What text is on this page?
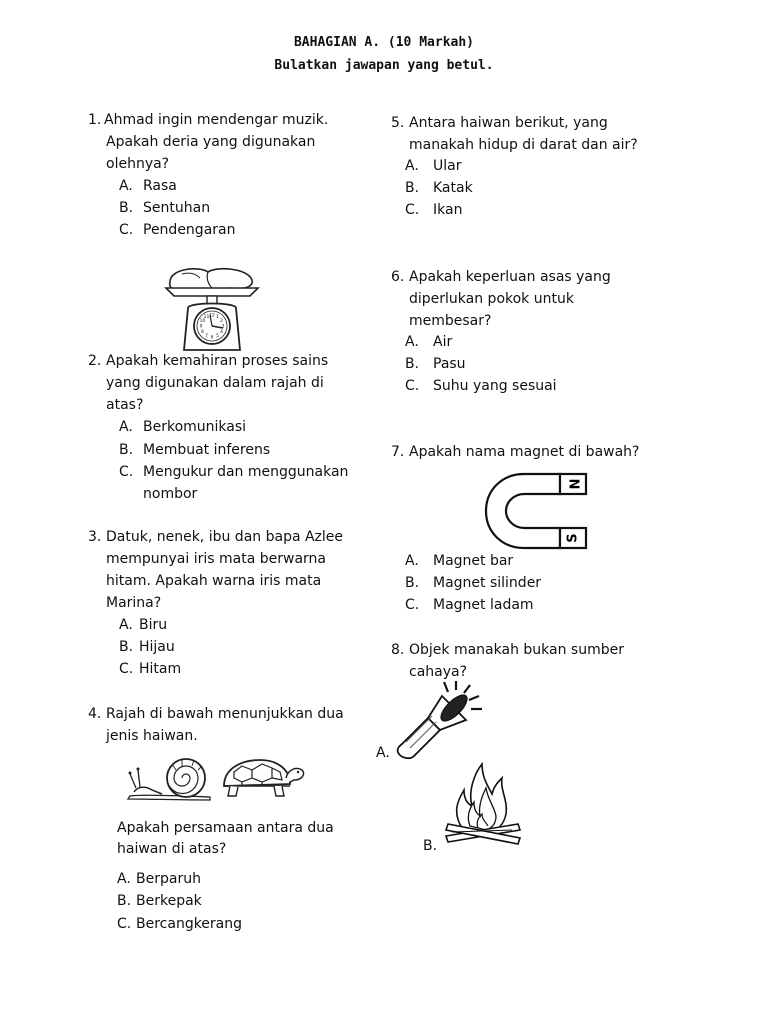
BAHAGIAN A. (10 Markah)
Bulatkan jawapan yang betul.
1. Ahmad ingin mendengar muzik.
Apakah deria yang digunakan
olehnya?
A. Rasa
B. Sentuhan
C. Pendengaran
12 1
2
3
4
5
6
7
8
9
10
11
2. Apakah kemahiran proses sains
yang digunakan dalam rajah di
atas?
A. Berkomunikasi
B. Membuat inferens
C. Mengukur dan menggunakan
nombor
3. Datuk, nenek, ibu dan bapa Azlee
mempunyai iris mata berwarna
hitam. Apakah warna iris mata
Marina?
A. Biru
B. Hijau
C. Hitam
4. Rajah di bawah menunjukkan dua
jenis haiwan.
Apakah persamaan antara dua
haiwan di atas?
A. Berparuh
B. Berkepak
C. Bercangkerang
5. Antara haiwan berikut, yang
manakah hidup di darat dan air?
A. Ular
B. Katak
C. Ikan
6. Apakah keperluan asas yang
diperlukan pokok untuk
membesar?
A. Air
B. Pasu
C. Suhu yang sesuai
7. Apakah nama magnet di bawah?
N
S
A. Magnet bar
B. Magnet silinder
C. Magnet ladam
8. Objek manakah bukan sumber
cahaya?
A.
B.
